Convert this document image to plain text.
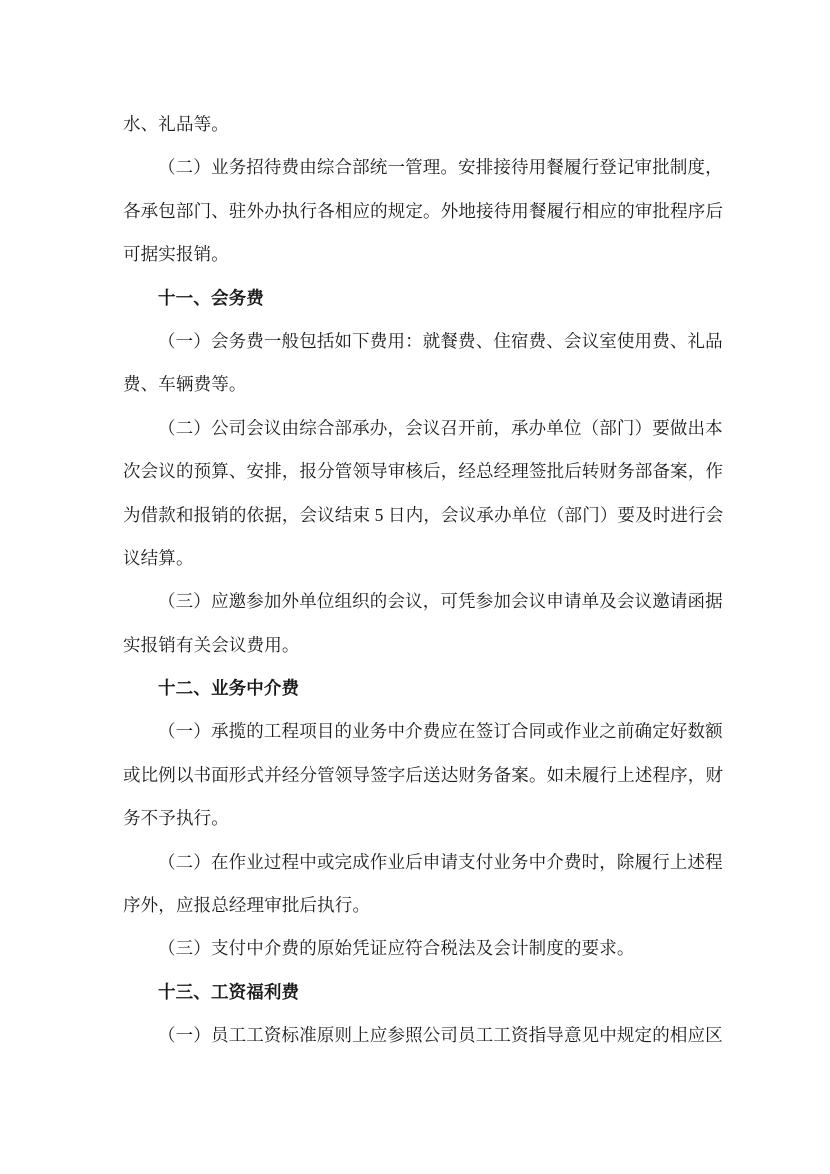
水、礼品等。
（二）业务招待费由综合部统一管理。安排接待用餐履行登记审批制度，
各承包部门、驻外办执行各相应的规定。外地接待用餐履行相应的审批程序后
可据实报销。
十一、会务费
（一）会务费一般包括如下费用：就餐费、住宿费、会议室使用费、礼品
费、车辆费等。
（二）公司会议由综合部承办，会议召开前，承办单位（部门）要做出本
次会议的预算、安排，报分管领导审核后，经总经理签批后转财务部备案，作
为借款和报销的依据，会议结束 5 日内，会议承办单位（部门）要及时进行会
议结算。
（三）应邀参加外单位组织的会议，可凭参加会议申请单及会议邀请函据
实报销有关会议费用。
十二、业务中介费
（一）承揽的工程项目的业务中介费应在签订合同或作业之前确定好数额
或比例以书面形式并经分管领导签字后送达财务备案。如未履行上述程序，财
务不予执行。
（二）在作业过程中或完成作业后申请支付业务中介费时，除履行上述程
序外，应报总经理审批后执行。
（三）支付中介费的原始凭证应符合税法及会计制度的要求。
十三、工资福利费
（一）员工工资标准原则上应参照公司员工工资指导意见中规定的相应区
